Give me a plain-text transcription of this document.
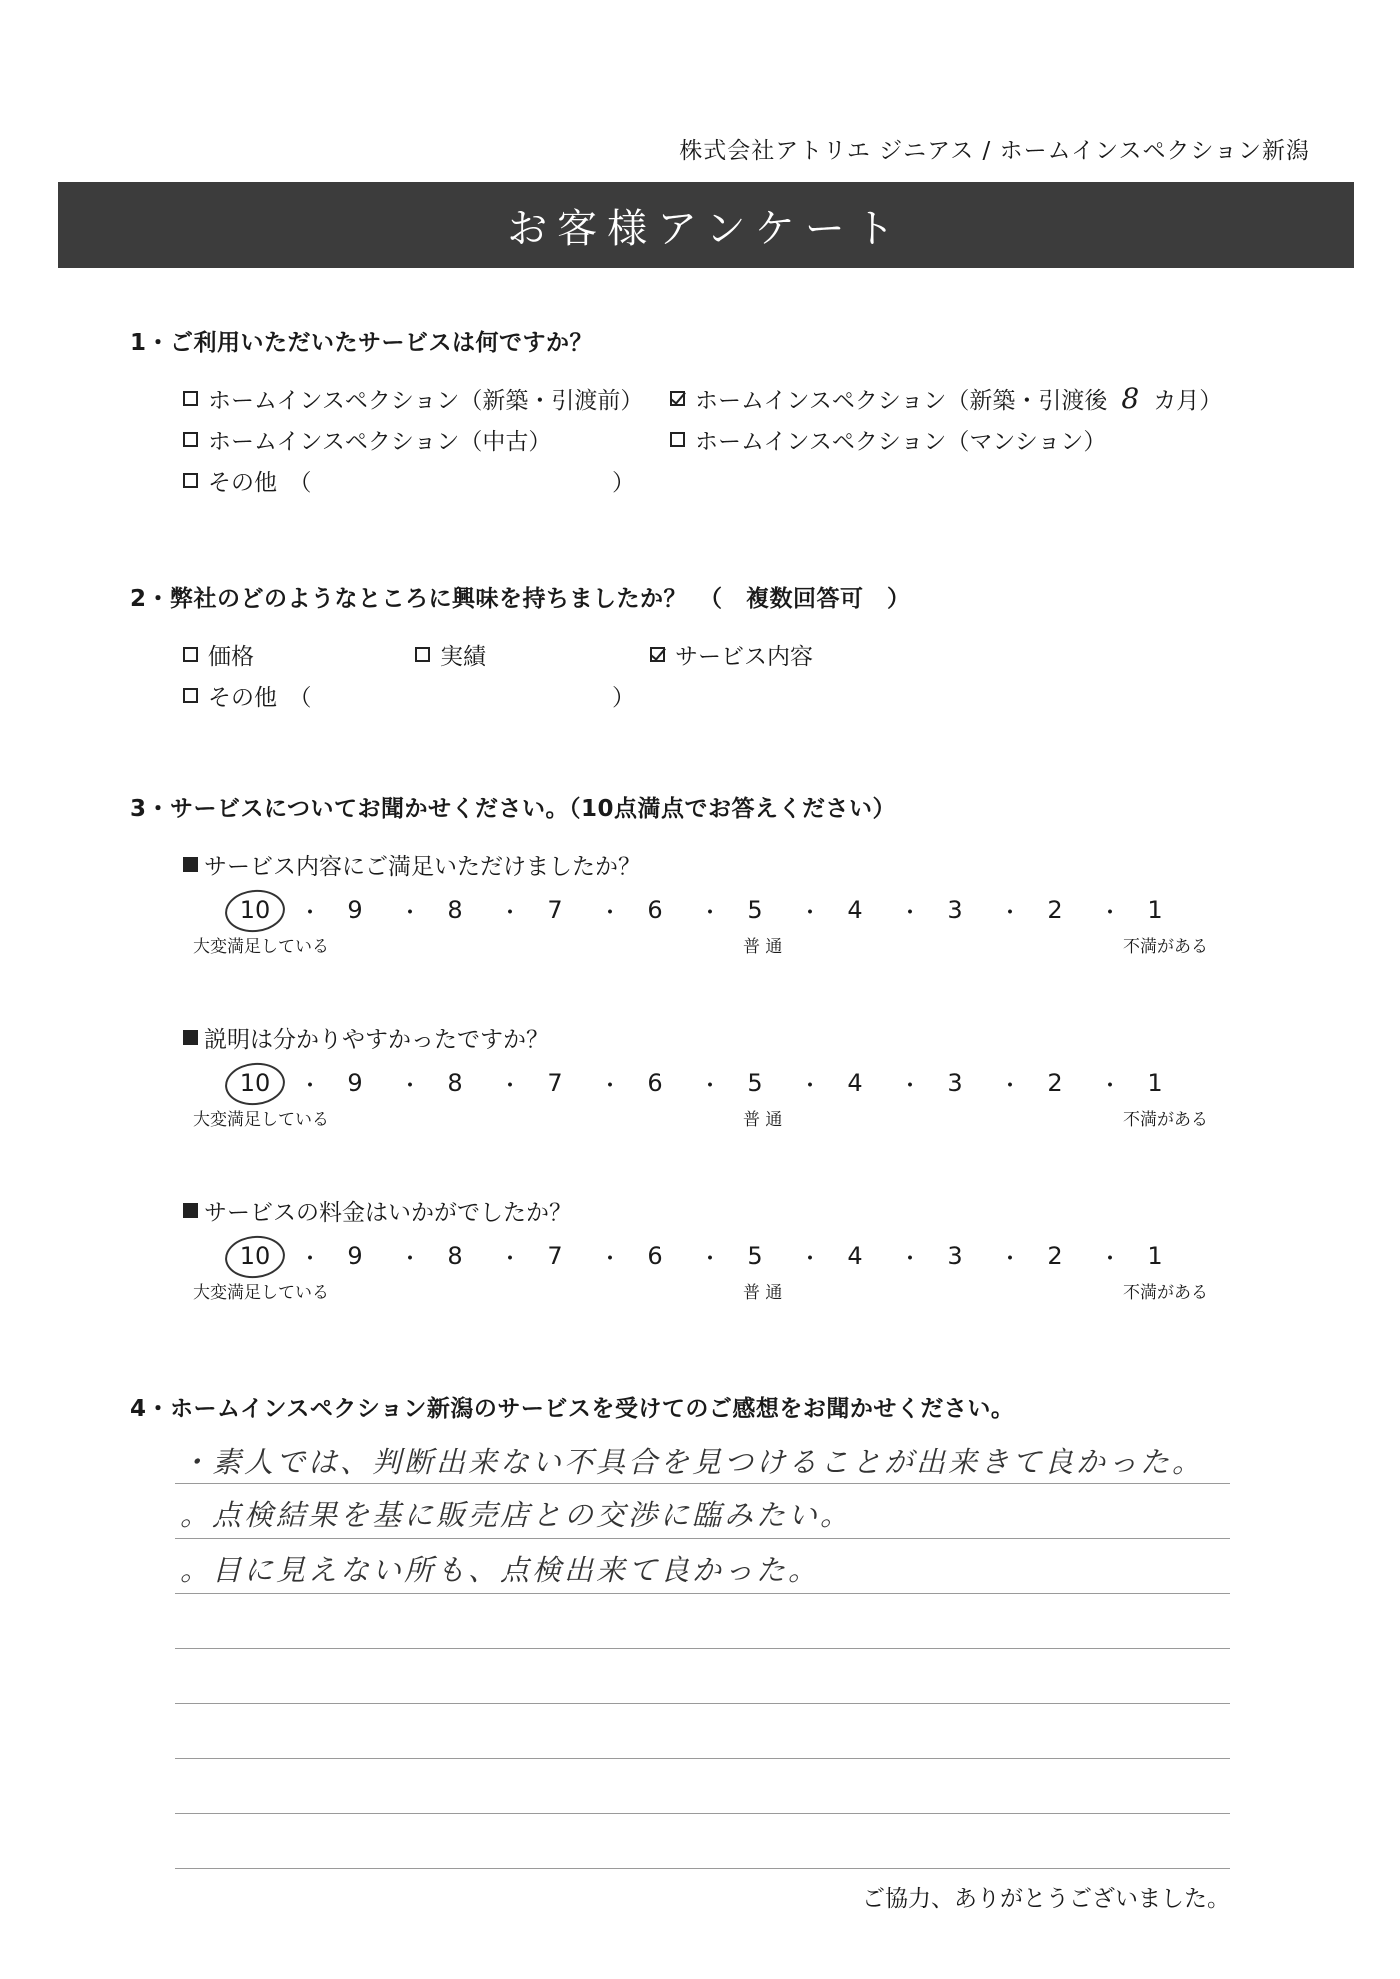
株式会社アトリエ ジニアス / ホームインスペクション新潟
お客様アンケート
1・ご利用いただいたサービスは何ですか？
ホームインスペクション（新築・引渡前） ホームインスペクション（新築・引渡後 8 カ月）
ホームインスペクション（中古）	ホームインスペクション（マンション）
その他　（	）
2・弊社のどのようなところに興味を持ちましたか？　（　複数回答可　）
価格	実績	サービス内容
その他　（	）
3・サービスについてお聞かせください。（10点満点でお答えください）
サービス内容にご満足いただけましたか？
10	・	9	・	8	・	7	・	6	・	5	・	4	・	3	・	2	・	1
大変満足している	普 通	不満がある
説明は分かりやすかったですか？
10	・	9	・	8	・	7	・	6	・	5	・	4	・	3	・	2	・	1
大変満足している	普 通	不満がある
サービスの料金はいかがでしたか？
10	・	9	・	8	・	7	・	6	・	5	・	4	・	3	・	2	・	1
大変満足している	普 通	不満がある
4・ホームインスペクション新潟のサービスを受けてのご感想をお聞かせください。
・素人では、判断出来ない不具合を見つけることが出来きて良かった。
。点検結果を基に販売店との交渉に臨みたい。
。目に見えない所も、点検出来て良かった。
ご協力、ありがとうございました。
